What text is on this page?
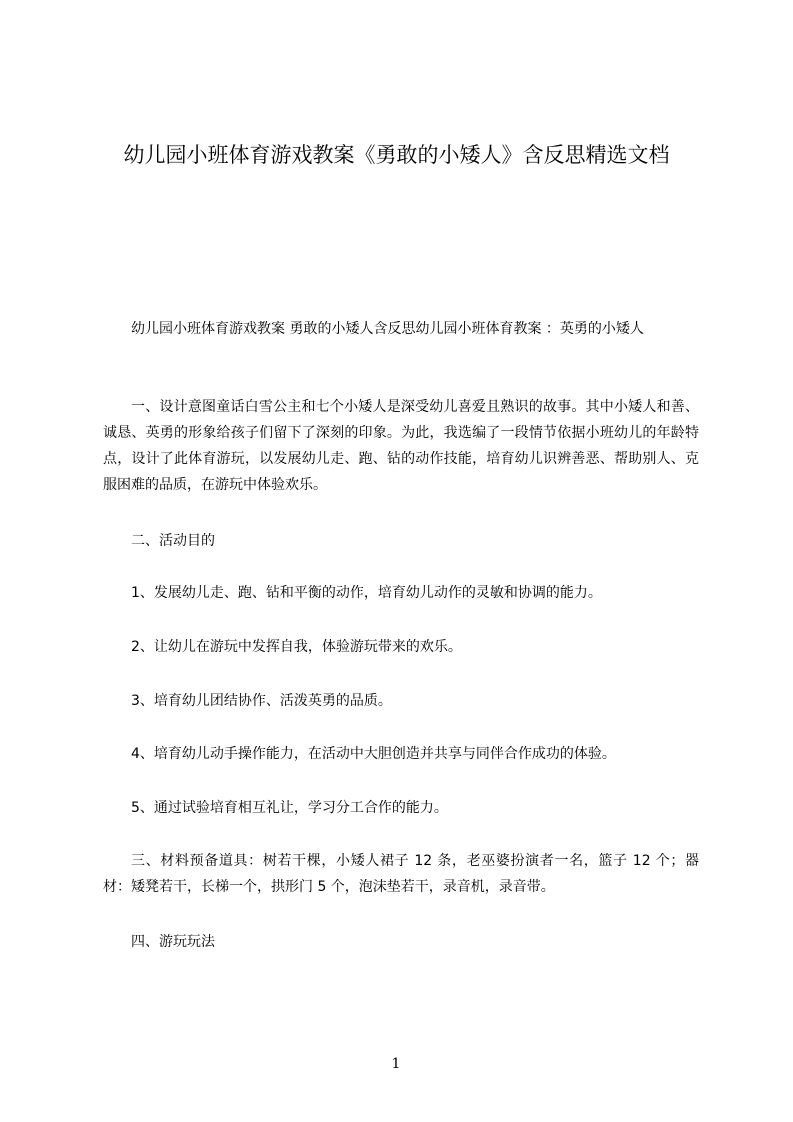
幼儿园小班体育游戏教案《勇敢的小矮人》含反思精选文档

幼儿园小班体育游戏教案 勇敢的小矮人含反思幼儿园小班体育教案 ：英勇的小矮人

一、设计意图童话白雪公主和七个小矮人是深受幼儿喜爱且熟识的故事。其中小矮人和善、诚恳、英勇的形象给孩子们留下了深刻的印象。为此，我选编了一段情节依据小班幼儿的年龄特点，设计了此体育游玩，以发展幼儿走、跑、钻的动作技能，培育幼儿识辨善恶、帮助别人、克服困难的品质，在游玩中体验欢乐。

二、活动目的

1、发展幼儿走、跑、钻和平衡的动作，培育幼儿动作的灵敏和协调的能力。

2、让幼儿在游玩中发挥自我，体验游玩带来的欢乐。

3、培育幼儿团结协作、活泼英勇的品质。

4、培育幼儿动手操作能力，在活动中大胆创造并共享与同伴合作成功的体验。

5、通过试验培育相互礼让，学习分工合作的能力。

三、材料预备道具：树若干棵，小矮人裙子 12 条，老巫婆扮演者一名，篮子 12 个；器材：矮凳若干，长梯一个，拱形门 5 个，泡沫垫若干，录音机，录音带。

四、游玩玩法

1
